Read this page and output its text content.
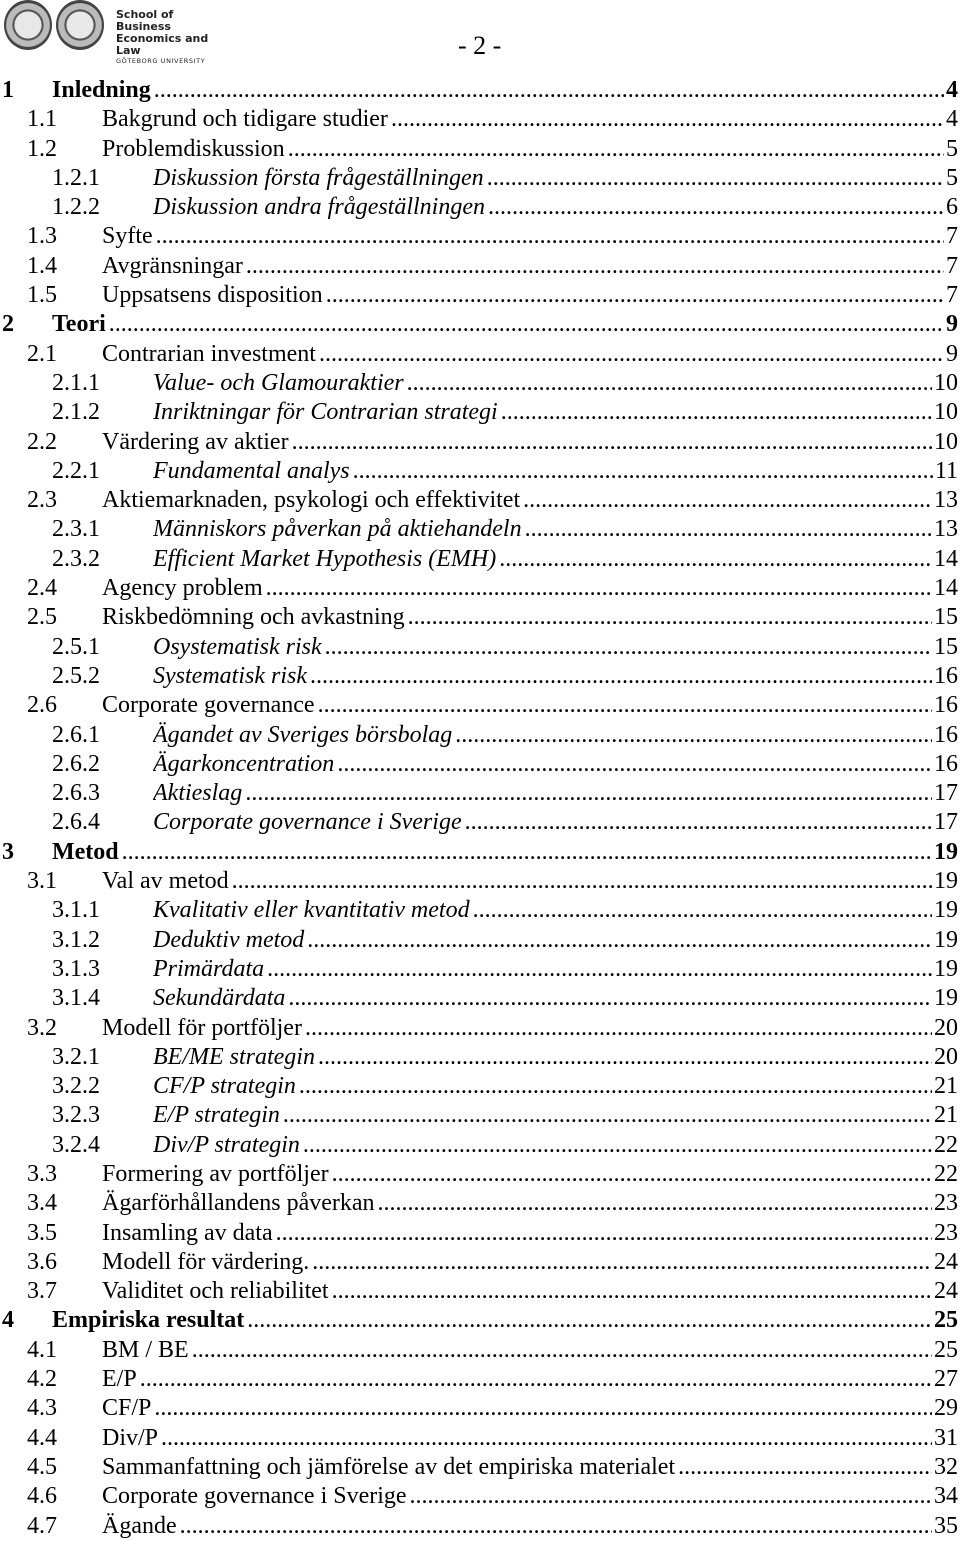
School of Business
Economics and Law
GÖTEBORG UNIVERSITY
- 2 -
1 Inledning .....	4
1.1 Bakgrund och tidigare studier .....	4
1.2 Problemdiskussion .....	5
1.2.1 Diskussion första frågeställningen .....	5
1.2.2 Diskussion andra frågeställningen .....	6
1.3 Syfte .....	7
1.4 Avgränsningar .....	7
1.5 Uppsatsens disposition .....	7
2 Teori .....	9
2.1 Contrarian investment .....	9
2.1.1 Value- och Glamouraktier .....	10
2.1.2 Inriktningar för Contrarian strategi .....	10
2.2 Värdering av aktier .....	10
2.2.1 Fundamental analys .....	11
2.3 Aktiemarknaden, psykologi och effektivitet .....	13
2.3.1 Människors påverkan på aktiehandeln .....	13
2.3.2 Efficient Market Hypothesis (EMH) .....	14
2.4 Agency problem .....	14
2.5 Riskbedömning och avkastning .....	15
2.5.1 Osystematisk risk .....	15
2.5.2 Systematisk risk .....	16
2.6 Corporate governance .....	16
2.6.1 Ägandet av Sveriges börsbolag .....	16
2.6.2 Ägarkoncentration .....	16
2.6.3 Aktieslag .....	17
2.6.4 Corporate governance i Sverige .....	17
3 Metod .....	19
3.1 Val av metod .....	19
3.1.1 Kvalitativ eller kvantitativ metod .....	19
3.1.2 Deduktiv metod .....	19
3.1.3 Primärdata .....	19
3.1.4 Sekundärdata .....	19
3.2 Modell för portföljer .....	20
3.2.1 BE/ME strategin .....	20
3.2.2 CF/P strategin .....	21
3.2.3 E/P strategin .....	21
3.2.4 Div/P strategin .....	22
3.3 Formering av portföljer .....	22
3.4 Ägarförhållandens påverkan .....	23
3.5 Insamling av data .....	23
3.6 Modell för värdering. .....	24
3.7 Validitet och reliabilitet .....	24
4 Empiriska resultat .....	25
4.1 BM / BE .....	25
4.2 E/P .....	27
4.3 CF/P .....	29
4.4 Div/P .....	31
4.5 Sammanfattning och jämförelse av det empiriska materialet .....	32
4.6 Corporate governance i Sverige .....	34
4.7 Ägande .....	35
